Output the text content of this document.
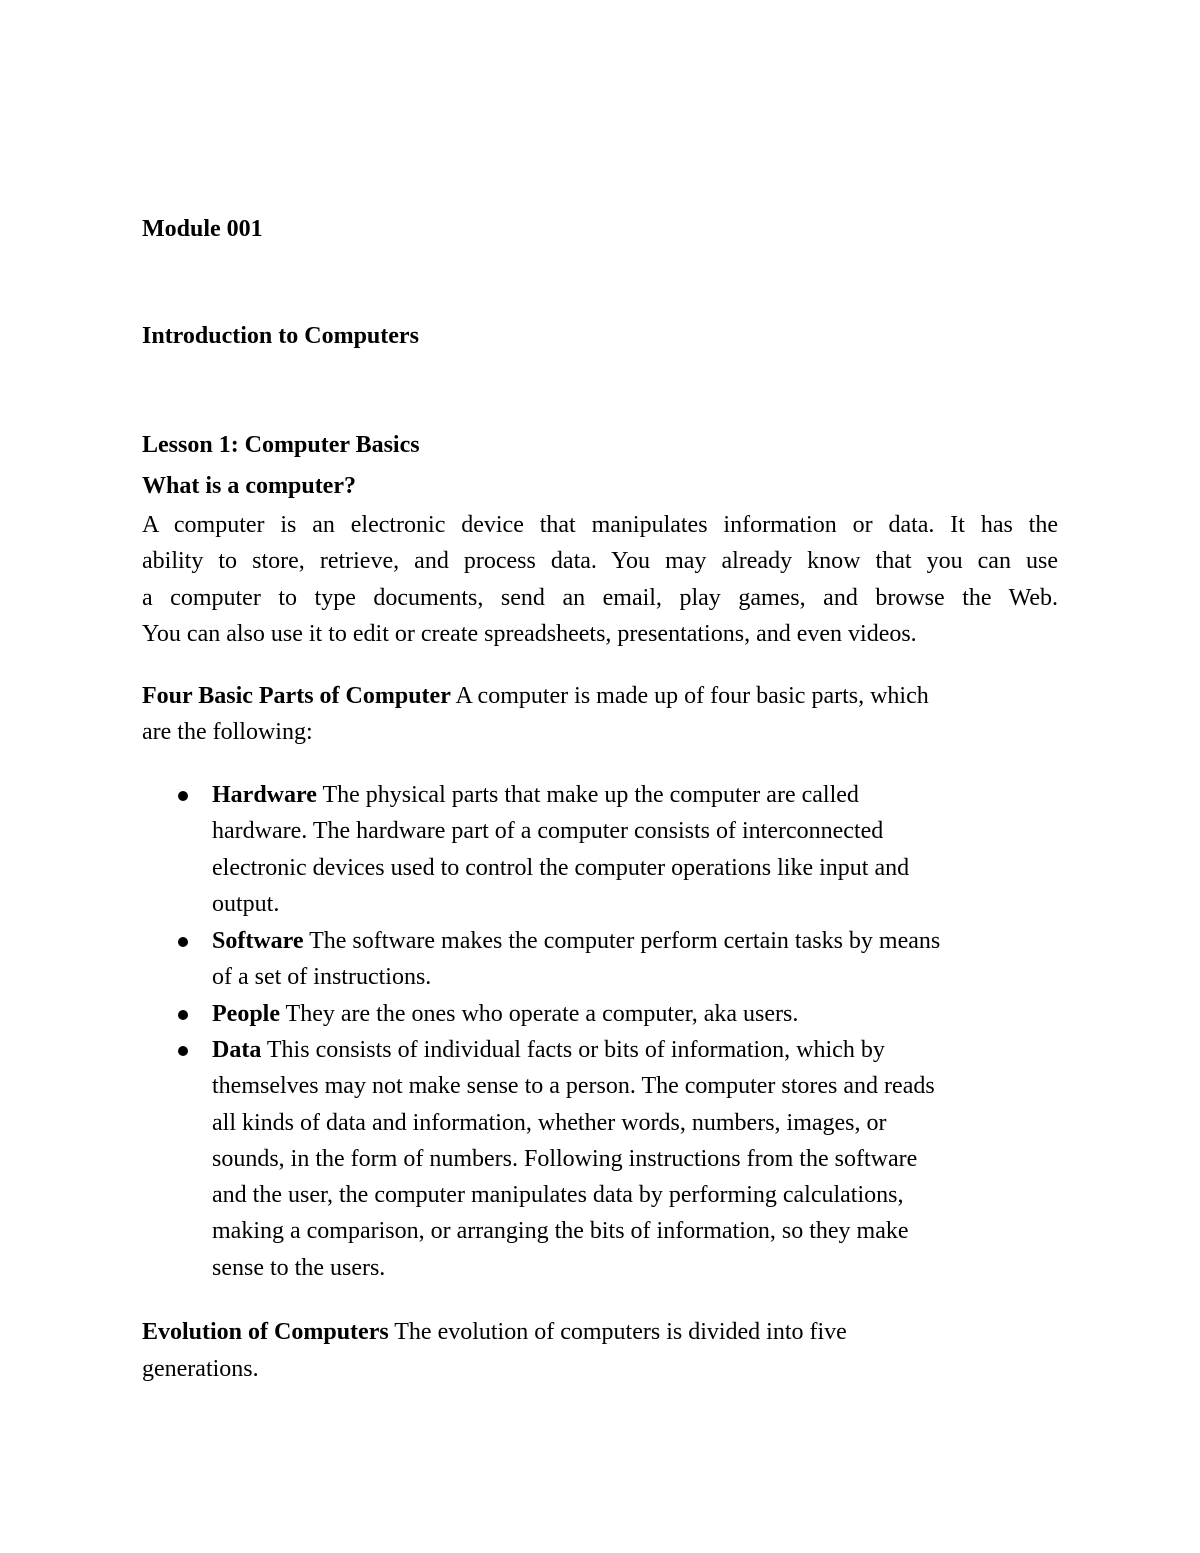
Module 001
Introduction to Computers
Lesson 1: Computer Basics
What is a computer?
A computer is an electronic device that manipulates information or data. It has the
ability to store, retrieve, and process data. You may already know that you can use
a computer to type documents, send an email, play games, and browse the Web.
You can also use it to edit or create spreadsheets, presentations, and even videos.
Four Basic Parts of Computer A computer is made up of four basic parts, which
are the following:
Hardware The physical parts that make up the computer are called
hardware. The hardware part of a computer consists of interconnected
electronic devices used to control the computer operations like input and
output.
Software The software makes the computer perform certain tasks by means
of a set of instructions.
People They are the ones who operate a computer, aka users.
Data This consists of individual facts or bits of information, which by
themselves may not make sense to a person. The computer stores and reads
all kinds of data and information, whether words, numbers, images, or
sounds, in the form of numbers. Following instructions from the software
and the user, the computer manipulates data by performing calculations,
making a comparison, or arranging the bits of information, so they make
sense to the users.
Evolution of Computers The evolution of computers is divided into five
generations.
